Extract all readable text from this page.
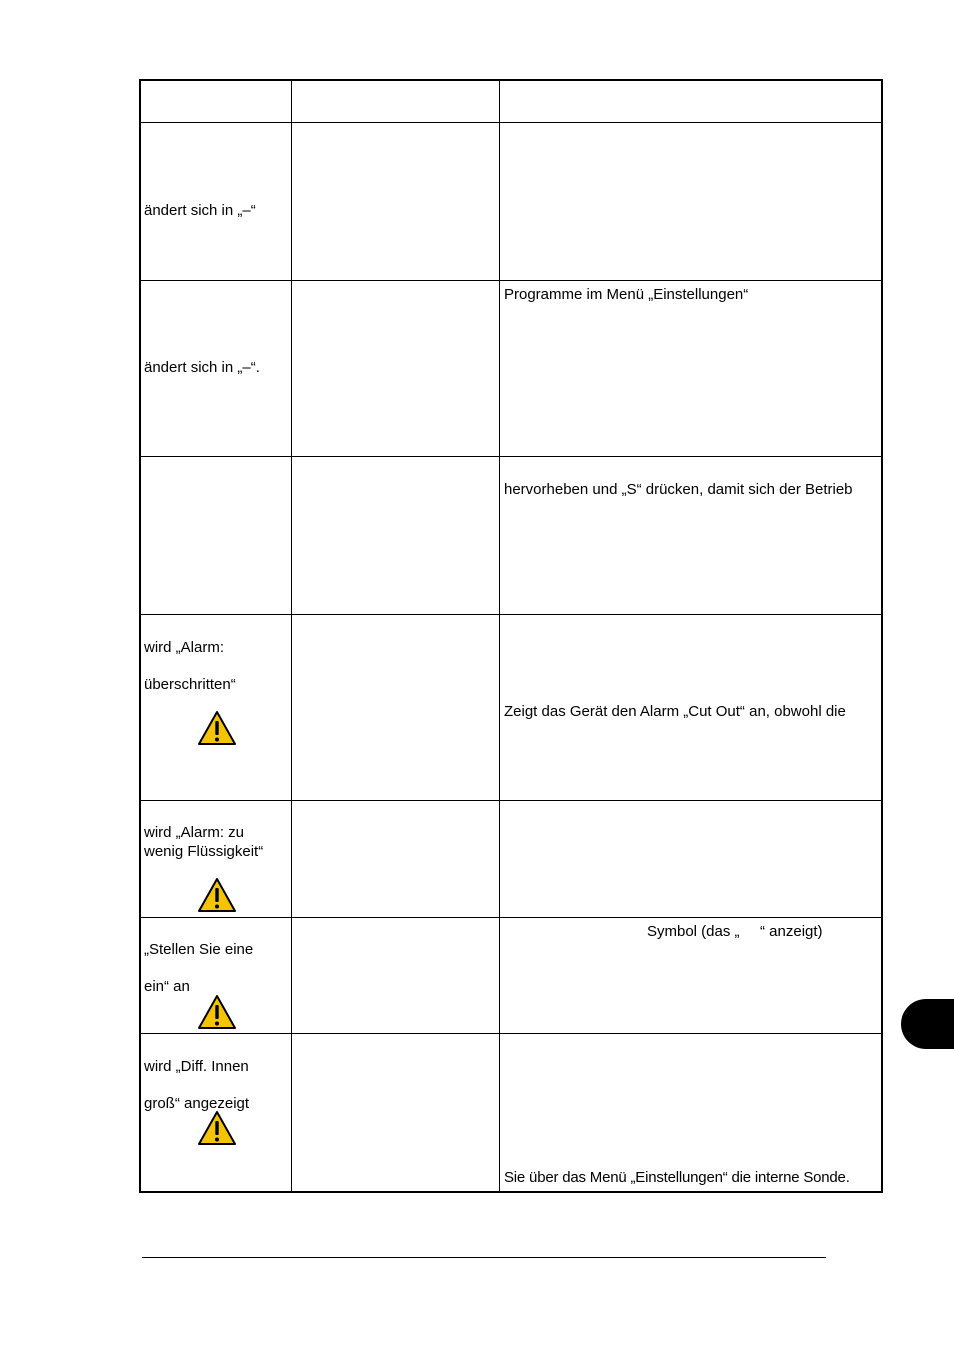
ändert sich in „–“
ändert sich in „–“.
Programme im Menü „Einstellungen“
hervorheben und „S“ drücken, damit sich der Betrieb
wird „Alarm:
überschritten“
Zeigt das Gerät den Alarm „Cut Out“ an, obwohl die
wird „Alarm: zu
wenig Flüssigkeit“
„Stellen Sie eine
ein“ an
Symbol (das „ “ anzeigt)
wird „Diff. Innen
groß“ angezeigt
Sie über das Menü „Einstellungen“ die interne Sonde.
